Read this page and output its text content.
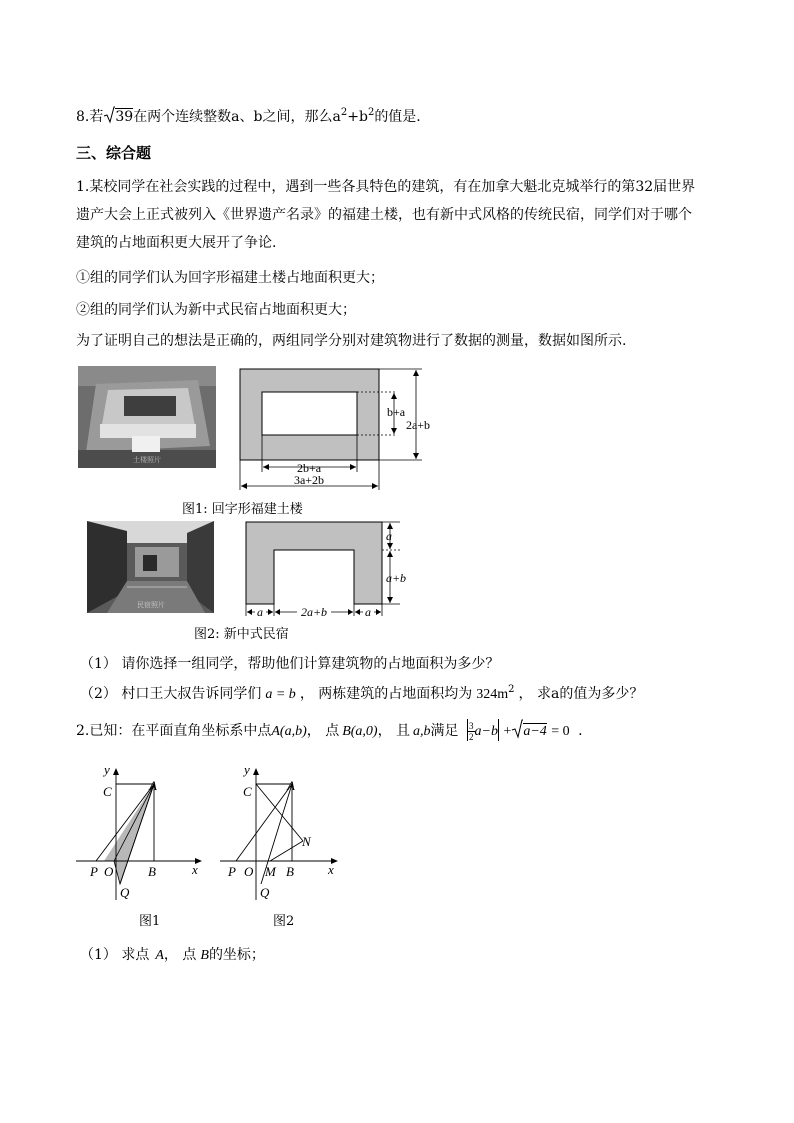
8.若 39在两个连续整数a、b之间，那么$a^2+b^2$的值是.
三、综合题
1.某校同学在社会实践的过程中，遇到一些各具特色的建筑，有在加拿大魁北克城举行的第32届世界
遗产大会上正式被列入《世界遗产名录》的福建土楼，也有新中式风格的传统民宿，同学们对于哪个
建筑的占地面积更大展开了争论.
①组的同学们认为回字形福建土楼占地面积更大；
②组的同学们认为新中式民宿占地面积更大；
为了证明自己的想法是正确的，两组同学分别对建筑物进行了数据的测量，数据如图所示.
土楼照片
b+a
2a+b
2b+a
3a+2b
图1: 回字形福建土楼
民宿照片
a
a+b
a	2a+b	a
图2: 新中式民宿
（1） 请你选择一组同学，帮助他们计算建筑物的占地面积为多少？
（2） 村口王大叔告诉同学们 a = b ， 两栋建筑的占地面积均为 $324m^2$ ， 求a的值为多少？
2.已知：在平面直角坐标系中点A(a,b)， 点 B(a,0)， 且 a,b满足 $\frac{3}{2} a-b + a-4 = 0$ .
y
C	A
P O	B	x
Q
图1
y
C	A
N
P O M B	x
Q
图2
（1） 求点 A， 点 B的坐标；
